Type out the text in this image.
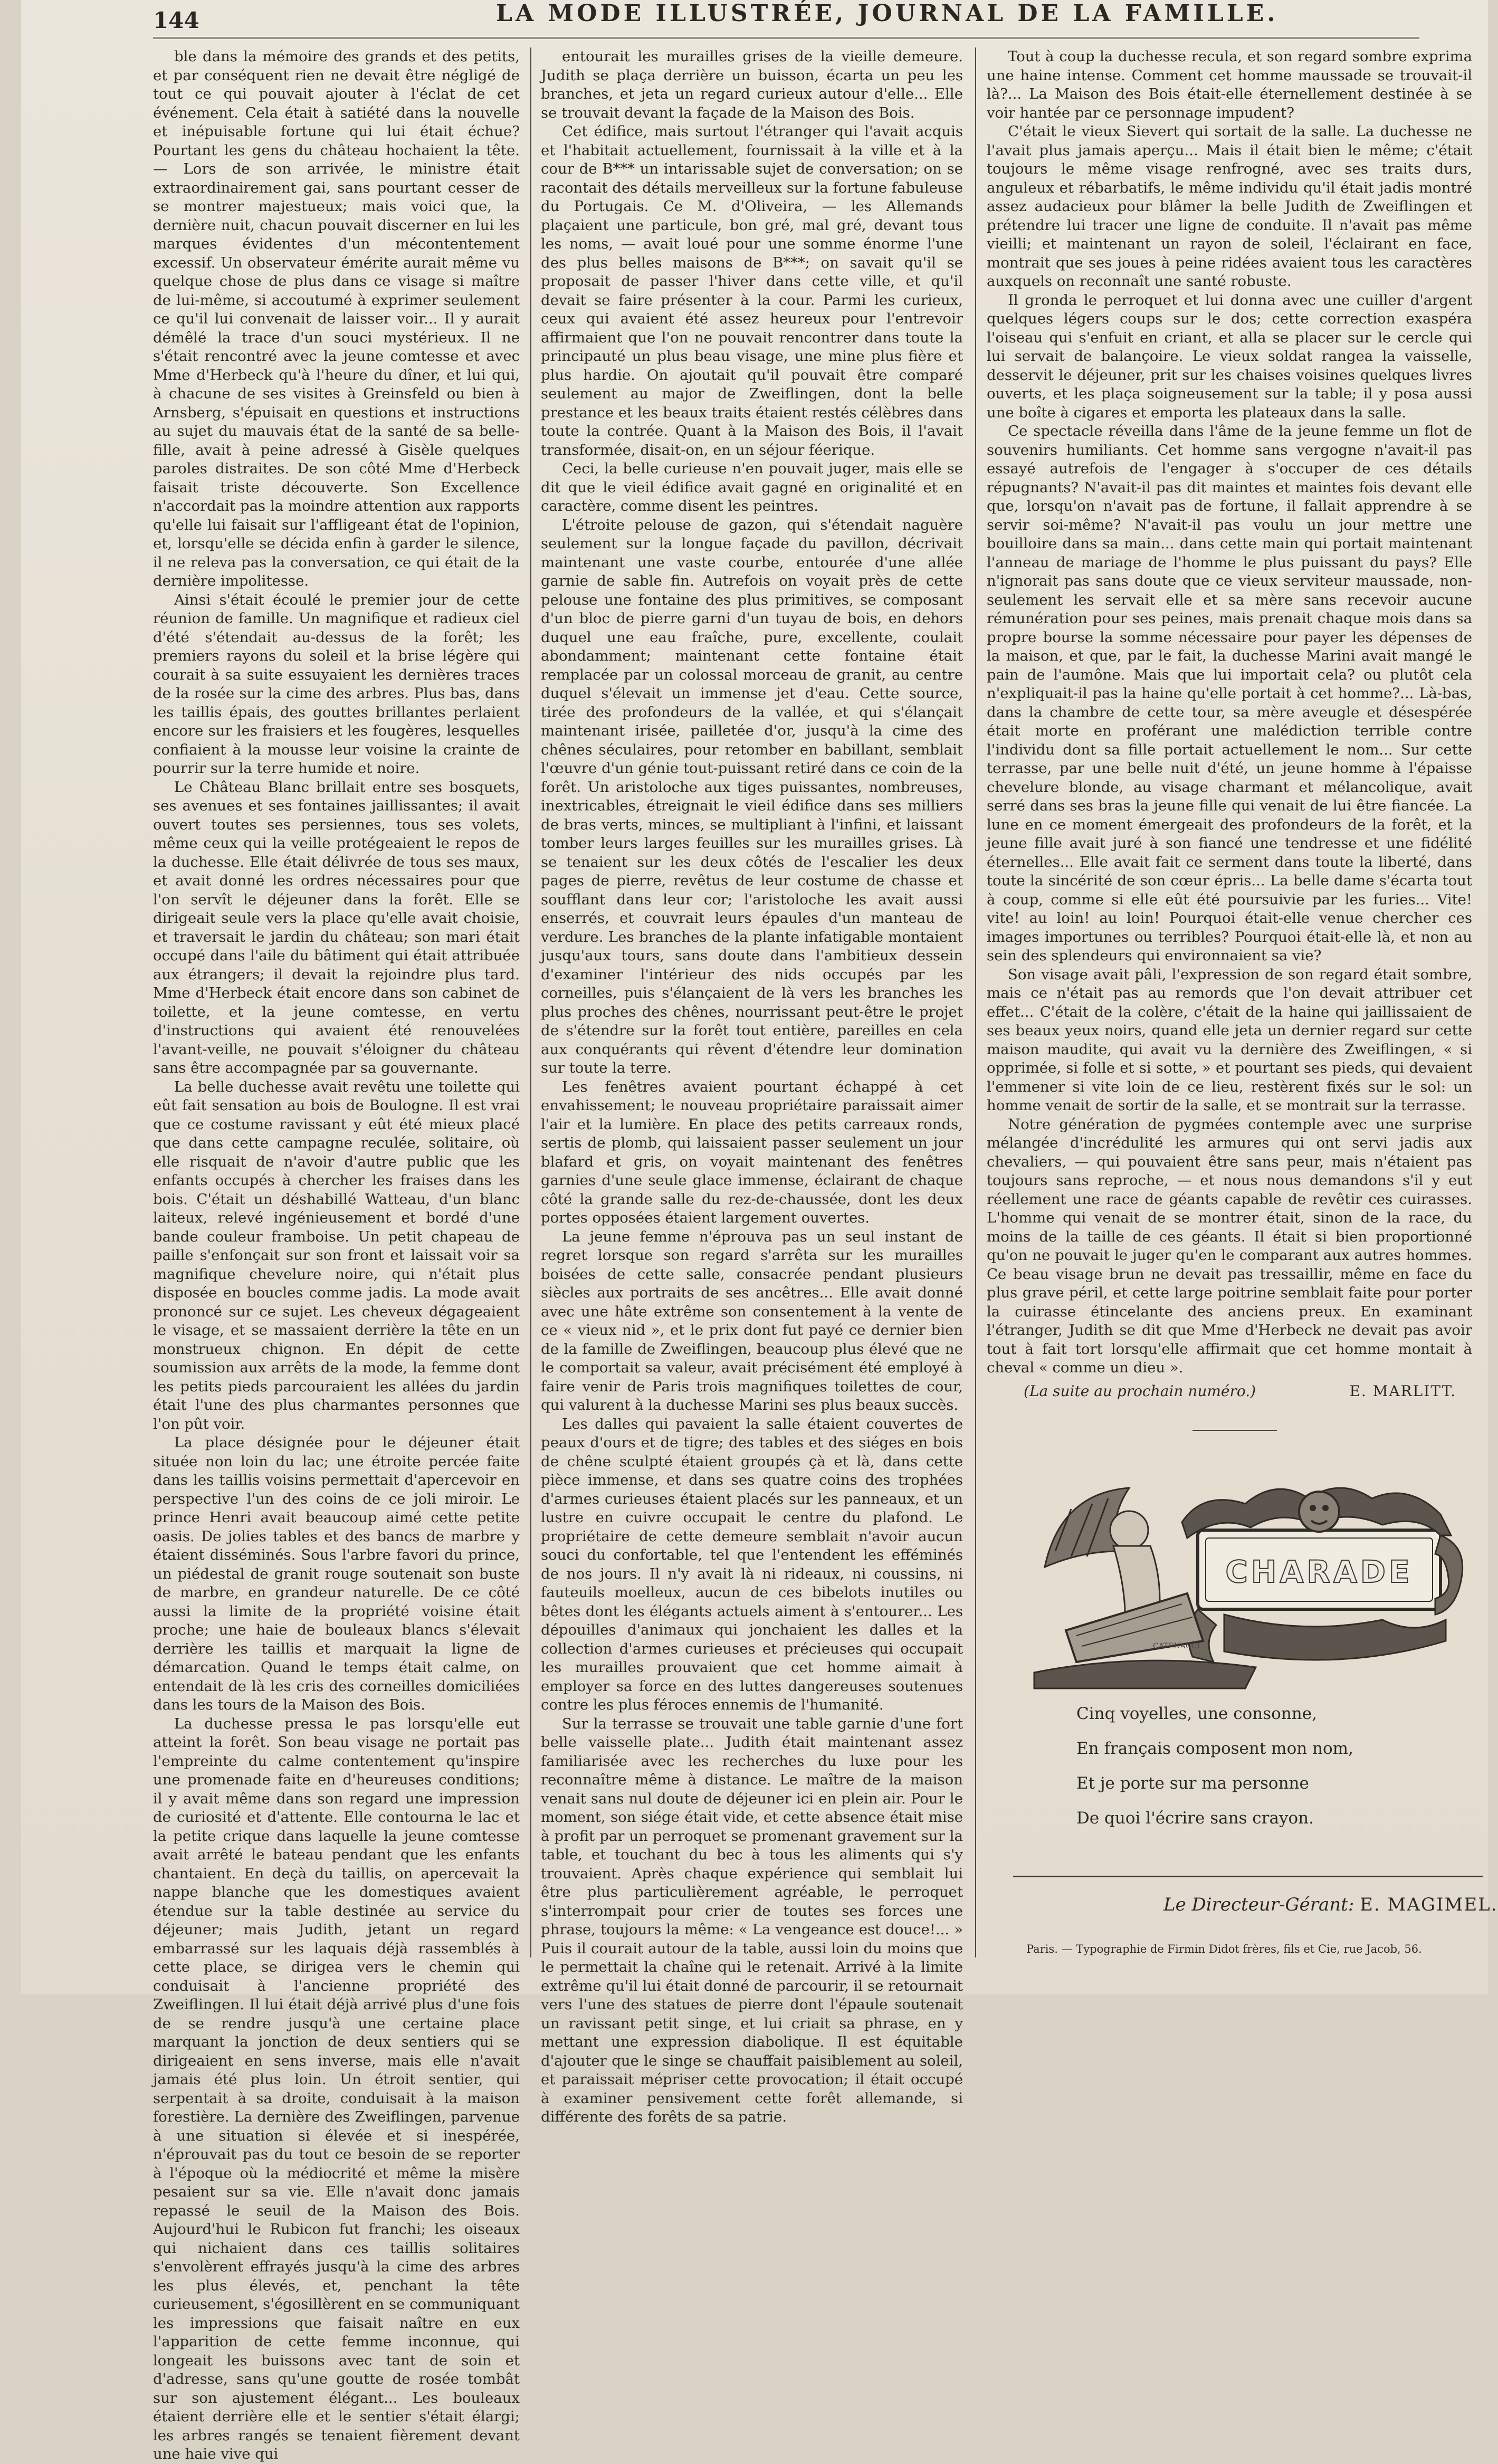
144	LA MODE ILLUSTRÉE, JOURNAL DE LA FAMILLE.

ble dans la mémoire des grands et des petits, et par conséquent rien ne devait être négligé de tout ce qui pouvait ajouter à l'éclat de cet événement. Cela était à satiété dans la nouvelle et inépuisable fortune qui lui était échue? Pourtant les gens du château hochaient la tête. — Lors de son arrivée, le ministre était extraordinairement gai, sans pourtant cesser de se montrer majestueux; mais voici que, la dernière nuit, chacun pouvait discerner en lui les marques évidentes d'un mécontentement excessif. Un observateur émérite aurait même vu quelque chose de plus dans ce visage si maître de lui-même, si accoutumé à exprimer seulement ce qu'il lui convenait de laisser voir... Il y aurait démêlé la trace d'un souci mystérieux. Il ne s'était rencontré avec la jeune comtesse et avec Mme d'Herbeck qu'à l'heure du dîner, et lui qui, à chacune de ses visites à Greinsfeld ou bien à Arnsberg, s'épuisait en questions et instructions au sujet du mauvais état de la santé de sa belle-fille, avait à peine adressé à Gisèle quelques paroles distraites. De son côté Mme d'Herbeck faisait triste découverte. Son Excellence n'accordait pas la moindre attention aux rapports qu'elle lui faisait sur l'affligeant état de l'opinion, et, lorsqu'elle se décida enfin à garder le silence, il ne releva pas la conversation, ce qui était de la dernière impolitesse.

Ainsi s'était écoulé le premier jour de cette réunion de famille. Un magnifique et radieux ciel d'été s'étendait au-dessus de la forêt; les premiers rayons du soleil et la brise légère qui courait à sa suite essuyaient les dernières traces de la rosée sur la cime des arbres. Plus bas, dans les taillis épais, des gouttes brillantes perlaient encore sur les fraisiers et les fougères, lesquelles confiaient à la mousse leur voisine la crainte de pourrir sur la terre humide et noire.

Le Château Blanc brillait entre ses bosquets, ses avenues et ses fontaines jaillissantes; il avait ouvert toutes ses persiennes, tous ses volets, même ceux qui la veille protégeaient le repos de la duchesse. Elle était délivrée de tous ses maux, et avait donné les ordres nécessaires pour que l'on servît le déjeuner dans la forêt. Elle se dirigeait seule vers la place qu'elle avait choisie, et traversait le jardin du château; son mari était occupé dans l'aile du bâtiment qui était attribuée aux étrangers; il devait la rejoindre plus tard. Mme d'Herbeck était encore dans son cabinet de toilette, et la jeune comtesse, en vertu d'instructions qui avaient été renouvelées l'avant-veille, ne pouvait s'éloigner du château sans être accompagnée par sa gouvernante.

La belle duchesse avait revêtu une toilette qui eût fait sensation au bois de Boulogne. Il est vrai que ce costume ravissant y eût été mieux placé que dans cette campagne reculée, solitaire, où elle risquait de n'avoir d'autre public que les enfants occupés à chercher les fraises dans les bois. C'était un déshabillé Watteau, d'un blanc laiteux, relevé ingénieusement et bordé d'une bande couleur framboise. Un petit chapeau de paille s'enfonçait sur son front et laissait voir sa magnifique chevelure noire, qui n'était plus disposée en boucles comme jadis. La mode avait prononcé sur ce sujet. Les cheveux dégageaient le visage, et se massaient derrière la tête en un monstrueux chignon. En dépit de cette soumission aux arrêts de la mode, la femme dont les petits pieds parcouraient les allées du jardin était l'une des plus charmantes personnes que l'on pût voir.

La place désignée pour le déjeuner était située non loin du lac; une étroite percée faite dans les taillis voisins permettait d'apercevoir en perspective l'un des coins de ce joli miroir. Le prince Henri avait beaucoup aimé cette petite oasis. De jolies tables et des bancs de marbre y étaient disséminés. Sous l'arbre favori du prince, un piédestal de granit rouge soutenait son buste de marbre, en grandeur naturelle. De ce côté aussi la limite de la propriété voisine était proche; une haie de bouleaux blancs s'élevait derrière les taillis et marquait la ligne de démarcation. Quand le temps était calme, on entendait de là les cris des corneilles domiciliées dans les tours de la Maison des Bois.

La duchesse pressa le pas lorsqu'elle eut atteint la forêt. Son beau visage ne portait pas l'empreinte du calme contentement qu'inspire une promenade faite en d'heureuses conditions; il y avait même dans son regard une impression de curiosité et d'attente. Elle contourna le lac et la petite crique dans laquelle la jeune comtesse avait arrêté le bateau pendant que les enfants chantaient. En deçà du taillis, on apercevait la nappe blanche que les domestiques avaient étendue sur la table destinée au service du déjeuner; mais Judith, jetant un regard embarrassé sur les laquais déjà rassemblés à cette place, se dirigea vers le chemin qui conduisait à l'ancienne propriété des Zweiflingen. Il lui était déjà arrivé plus d'une fois de se rendre jusqu'à une certaine place marquant la jonction de deux sentiers qui se dirigeaient en sens inverse, mais elle n'avait jamais été plus loin. Un étroit sentier, qui serpentait à sa droite, conduisait à la maison forestière. La dernière des Zweiflingen, parvenue à une situation si élevée et si inespérée, n'éprouvait pas du tout ce besoin de se reporter à l'époque où la médiocrité et même la misère pesaient sur sa vie. Elle n'avait donc jamais repassé le seuil de la Maison des Bois. Aujourd'hui le Rubicon fut franchi; les oiseaux qui nichaient dans ces taillis solitaires s'envolèrent effrayés jusqu'à la cime des arbres les plus élevés, et, penchant la tête curieusement, s'égosillèrent en se communiquant les impressions que faisait naître en eux l'apparition de cette femme inconnue, qui longeait les buissons avec tant de soin et d'adresse, sans qu'une goutte de rosée tombât sur son ajustement élégant... Les bouleaux étaient derrière elle et le sentier s'était élargi; les arbres rangés se tenaient fièrement devant une haie vive qui

entourait les murailles grises de la vieille demeure. Judith se plaça derrière un buisson, écarta un peu les branches, et jeta un regard curieux autour d'elle... Elle se trouvait devant la façade de la Maison des Bois.

Cet édifice, mais surtout l'étranger qui l'avait acquis et l'habitait actuellement, fournissait à la ville et à la cour de B*** un intarissable sujet de conversation; on se racontait des détails merveilleux sur la fortune fabuleuse du Portugais. Ce M. d'Oliveira, — les Allemands plaçaient une particule, bon gré, mal gré, devant tous les noms, — avait loué pour une somme énorme l'une des plus belles maisons de B***; on savait qu'il se proposait de passer l'hiver dans cette ville, et qu'il devait se faire présenter à la cour. Parmi les curieux, ceux qui avaient été assez heureux pour l'entrevoir affirmaient que l'on ne pouvait rencontrer dans toute la principauté un plus beau visage, une mine plus fière et plus hardie. On ajoutait qu'il pouvait être comparé seulement au major de Zweiflingen, dont la belle prestance et les beaux traits étaient restés célèbres dans toute la contrée. Quant à la Maison des Bois, il l'avait transformée, disait-on, en un séjour féerique.

Ceci, la belle curieuse n'en pouvait juger, mais elle se dit que le vieil édifice avait gagné en originalité et en caractère, comme disent les peintres.

L'étroite pelouse de gazon, qui s'étendait naguère seulement sur la longue façade du pavillon, décrivait maintenant une vaste courbe, entourée d'une allée garnie de sable fin. Autrefois on voyait près de cette pelouse une fontaine des plus primitives, se composant d'un bloc de pierre garni d'un tuyau de bois, en dehors duquel une eau fraîche, pure, excellente, coulait abondamment; maintenant cette fontaine était remplacée par un colossal morceau de granit, au centre duquel s'élevait un immense jet d'eau. Cette source, tirée des profondeurs de la vallée, et qui s'élançait maintenant irisée, pailletée d'or, jusqu'à la cime des chênes séculaires, pour retomber en babillant, semblait l'œuvre d'un génie tout-puissant retiré dans ce coin de la forêt. Un aristoloche aux tiges puissantes, nombreuses, inextricables, étreignait le vieil édifice dans ses milliers de bras verts, minces, se multipliant à l'infini, et laissant tomber leurs larges feuilles sur les murailles grises. Là se tenaient sur les deux côtés de l'escalier les deux pages de pierre, revêtus de leur costume de chasse et soufflant dans leur cor; l'aristoloche les avait aussi enserrés, et couvrait leurs épaules d'un manteau de verdure. Les branches de la plante infatigable montaient jusqu'aux tours, sans doute dans l'ambitieux dessein d'examiner l'intérieur des nids occupés par les corneilles, puis s'élançaient de là vers les branches les plus proches des chênes, nourrissant peut-être le projet de s'étendre sur la forêt tout entière, pareilles en cela aux conquérants qui rêvent d'étendre leur domination sur toute la terre.

Les fenêtres avaient pourtant échappé à cet envahissement; le nouveau propriétaire paraissait aimer l'air et la lumière. En place des petits carreaux ronds, sertis de plomb, qui laissaient passer seulement un jour blafard et gris, on voyait maintenant des fenêtres garnies d'une seule glace immense, éclairant de chaque côté la grande salle du rez-de-chaussée, dont les deux portes opposées étaient largement ouvertes.

La jeune femme n'éprouva pas un seul instant de regret lorsque son regard s'arrêta sur les murailles boisées de cette salle, consacrée pendant plusieurs siècles aux portraits de ses ancêtres... Elle avait donné avec une hâte extrême son consentement à la vente de ce « vieux nid », et le prix dont fut payé ce dernier bien de la famille de Zweiflingen, beaucoup plus élevé que ne le comportait sa valeur, avait précisément été employé à faire venir de Paris trois magnifiques toilettes de cour, qui valurent à la duchesse Marini ses plus beaux succès.

Les dalles qui pavaient la salle étaient couvertes de peaux d'ours et de tigre; des tables et des siéges en bois de chêne sculpté étaient groupés çà et là, dans cette pièce immense, et dans ses quatre coins des trophées d'armes curieuses étaient placés sur les panneaux, et un lustre en cuivre occupait le centre du plafond. Le propriétaire de cette demeure semblait n'avoir aucun souci du confortable, tel que l'entendent les efféminés de nos jours. Il n'y avait là ni rideaux, ni coussins, ni fauteuils moelleux, aucun de ces bibelots inutiles ou bêtes dont les élégants actuels aiment à s'entourer... Les dépouilles d'animaux qui jonchaient les dalles et la collection d'armes curieuses et précieuses qui occupait les murailles prouvaient que cet homme aimait à employer sa force en des luttes dangereuses soutenues contre les plus féroces ennemis de l'humanité.

Sur la terrasse se trouvait une table garnie d'une fort belle vaisselle plate... Judith était maintenant assez familiarisée avec les recherches du luxe pour les reconnaître même à distance. Le maître de la maison venait sans nul doute de déjeuner ici en plein air. Pour le moment, son siége était vide, et cette absence était mise à profit par un perroquet se promenant gravement sur la table, et touchant du bec à tous les aliments qui s'y trouvaient. Après chaque expérience qui semblait lui être plus particulièrement agréable, le perroquet s'interrompait pour crier de toutes ses forces une phrase, toujours la même: « La vengeance est douce!... » Puis il courait autour de la table, aussi loin du moins que le permettait la chaîne qui le retenait. Arrivé à la limite extrême qu'il lui était donné de parcourir, il se retournait vers l'une des statues de pierre dont l'épaule soutenait un ravissant petit singe, et lui criait sa phrase, en y mettant une expression diabolique. Il est équitable d'ajouter que le singe se chauffait paisiblement au soleil, et paraissait mépriser cette provocation; il était occupé à examiner pensivement cette forêt allemande, si différente des forêts de sa patrie.

Tout à coup la duchesse recula, et son regard sombre exprima une haine intense. Comment cet homme maussade se trouvait-il là?... La Maison des Bois était-elle éternellement destinée à se voir hantée par ce personnage impudent?

C'était le vieux Sievert qui sortait de la salle. La duchesse ne l'avait plus jamais aperçu... Mais il était bien le même; c'était toujours le même visage renfrogné, avec ses traits durs, anguleux et rébarbatifs, le même individu qu'il était jadis montré assez audacieux pour blâmer la belle Judith de Zweiflingen et prétendre lui tracer une ligne de conduite. Il n'avait pas même vieilli; et maintenant un rayon de soleil, l'éclairant en face, montrait que ses joues à peine ridées avaient tous les caractères auxquels on reconnaît une santé robuste.

Il gronda le perroquet et lui donna avec une cuiller d'argent quelques légers coups sur le dos; cette correction exaspéra l'oiseau qui s'enfuit en criant, et alla se placer sur le cercle qui lui servait de balançoire. Le vieux soldat rangea la vaisselle, desservit le déjeuner, prit sur les chaises voisines quelques livres ouverts, et les plaça soigneusement sur la table; il y posa aussi une boîte à cigares et emporta les plateaux dans la salle.

Ce spectacle réveilla dans l'âme de la jeune femme un flot de souvenirs humiliants. Cet homme sans vergogne n'avait-il pas essayé autrefois de l'engager à s'occuper de ces détails répugnants? N'avait-il pas dit maintes et maintes fois devant elle que, lorsqu'on n'avait pas de fortune, il fallait apprendre à se servir soi-même? N'avait-il pas voulu un jour mettre une bouilloire dans sa main... dans cette main qui portait maintenant l'anneau de mariage de l'homme le plus puissant du pays? Elle n'ignorait pas sans doute que ce vieux serviteur maussade, non-seulement les servait elle et sa mère sans recevoir aucune rémunération pour ses peines, mais prenait chaque mois dans sa propre bourse la somme nécessaire pour payer les dépenses de la maison, et que, par le fait, la duchesse Marini avait mangé le pain de l'aumône. Mais que lui importait cela? ou plutôt cela n'expliquait-il pas la haine qu'elle portait à cet homme?... Là-bas, dans la chambre de cette tour, sa mère aveugle et désespérée était morte en proférant une malédiction terrible contre l'individu dont sa fille portait actuellement le nom... Sur cette terrasse, par une belle nuit d'été, un jeune homme à l'épaisse chevelure blonde, au visage charmant et mélancolique, avait serré dans ses bras la jeune fille qui venait de lui être fiancée. La lune en ce moment émergeait des profondeurs de la forêt, et la jeune fille avait juré à son fiancé une tendresse et une fidélité éternelles... Elle avait fait ce serment dans toute la liberté, dans toute la sincérité de son cœur épris... La belle dame s'écarta tout à coup, comme si elle eût été poursuivie par les furies... Vite! vite! au loin! au loin! Pourquoi était-elle venue chercher ces images importunes ou terribles? Pourquoi était-elle là, et non au sein des splendeurs qui environnaient sa vie?

Son visage avait pâli, l'expression de son regard était sombre, mais ce n'était pas au remords que l'on devait attribuer cet effet... C'était de la colère, c'était de la haine qui jaillissaient de ses beaux yeux noirs, quand elle jeta un dernier regard sur cette maison maudite, qui avait vu la dernière des Zweiflingen, « si opprimée, si folle et si sotte, » et pourtant ses pieds, qui devaient l'emmener si vite loin de ce lieu, restèrent fixés sur le sol: un homme venait de sortir de la salle, et se montrait sur la terrasse.

Notre génération de pygmées contemple avec une surprise mélangée d'incrédulité les armures qui ont servi jadis aux chevaliers, — qui pouvaient être sans peur, mais n'étaient pas toujours sans reproche, — et nous nous demandons s'il y eut réellement une race de géants capable de revêtir ces cuirasses. L'homme qui venait de se montrer était, sinon de la race, du moins de la taille de ces géants. Il était si bien proportionné qu'on ne pouvait le juger qu'en le comparant aux autres hommes. Ce beau visage brun ne devait pas tressaillir, même en face du plus grave péril, et cette large poitrine semblait faite pour porter la cuirasse étincelante des anciens preux. En examinant l'étranger, Judith se dit que Mme d'Herbeck ne devait pas avoir tout à fait tort lorsqu'elle affirmait que cet homme montait à cheval « comme un dieu ».

(La suite au prochain numéro.)	E. MARLITT.
CHARADE
CATENACCI
Cinq voyelles, une consonne,
En français composent mon nom,
Et je porte sur ma personne
De quoi l'écrire sans crayon.
Le Directeur-Gérant: E. MAGIMEL.
Paris. — Typographie de Firmin Didot frères, fils et Cie, rue Jacob, 56.
